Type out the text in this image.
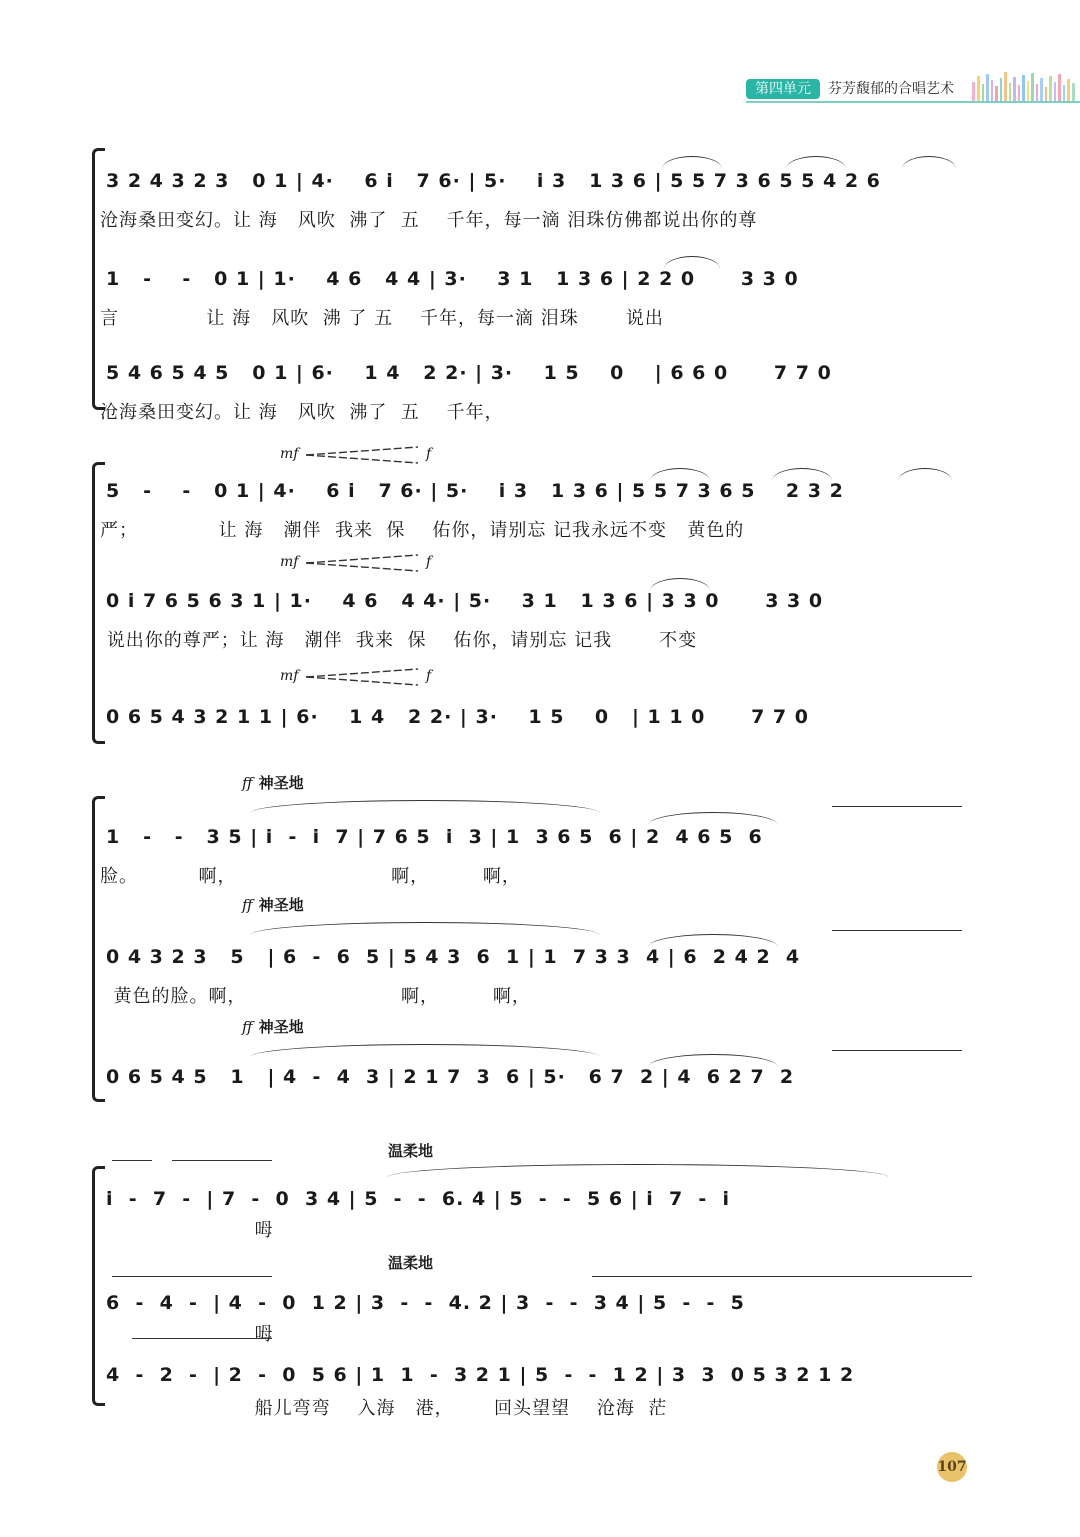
第四单元	芬芳馥郁的合唱艺术
3 2 4 3 2 3   0 1 | 4·    6 i   7 6· | 5·    i 3   1 3 6 | 5 5 7 3 6 5 5 4 2 6
沧海桑田变幻。让 海   风吹  沸了  五    千年，每一滴 泪珠仿佛都说出你的尊
1   -    -   0 1 | 1·    4 6   4 4 | 3·    3 1   1 3 6 | 2 2 0      3 3 0
言             让 海   风吹  沸 了 五    千年，每一滴 泪珠       说出
5 4 6 5 4 5   0 1 | 6·    1 4   2 2· | 3·    1 5    0    | 6 6 0      7 7 0
沧海桑田变幻。让 海   风吹  沸了  五    千年，
mf	f
5   -    -   0 1 | 4·    6 i   7 6· | 5·    i 3   1 3 6 | 5 5 7 3 6 5    2 3 2
严；            让 海   潮伴  我来  保    佑你，请别忘 记我永远不变   黄色的
mf	f
0 i 7 6 5 6 3 1 | 1·    4 6   4 4· | 5·    3 1   1 3 6 | 3 3 0      3 3 0
说出你的尊严；让 海   潮伴  我来  保    佑你，请别忘 记我       不变
mf	f
0 6 5 4 3 2 1 1 | 6·    1 4   2 2· | 3·    1 5    0   | 1 1 0      7 7 0
ff 神圣地
1   -   -   3 5 | i  -  i  7 | 7 6 5  i  3 | 1  3 6 5  6 | 2  4 6 5  6
脸。         啊，                       啊，        啊，
ff 神圣地
0 4 3 2 3   5   | 6  -  6  5 | 5 4 3  6  1 | 1  7 3 3  4 | 6  2 4 2  4
黄色的脸。啊，                       啊，        啊，
ff 神圣地
0 6 5 4 5   1   | 4  -  4  3 | 2 1 7  3  6 | 5·   6 7  2 | 4  6 2 7  2
温柔地
i  -  7  -  | 7  -  0  3 4 | 5  -  -  6. 4 | 5  -  -  5 6 | i  7  -  i
呣
温柔地
6  -  4  -  | 4  -  0  1 2 | 3  -  -  4. 2 | 3  -  -  3 4 | 5  -  -  5
呣
4  -  2  -  | 2  -  0  5 6 | 1  1  -  3 2 1 | 5  -  -  1 2 | 3  3  0 5 3 2 1 2
船儿弯弯    入海   港，      回头望望    沧海  茫
107
